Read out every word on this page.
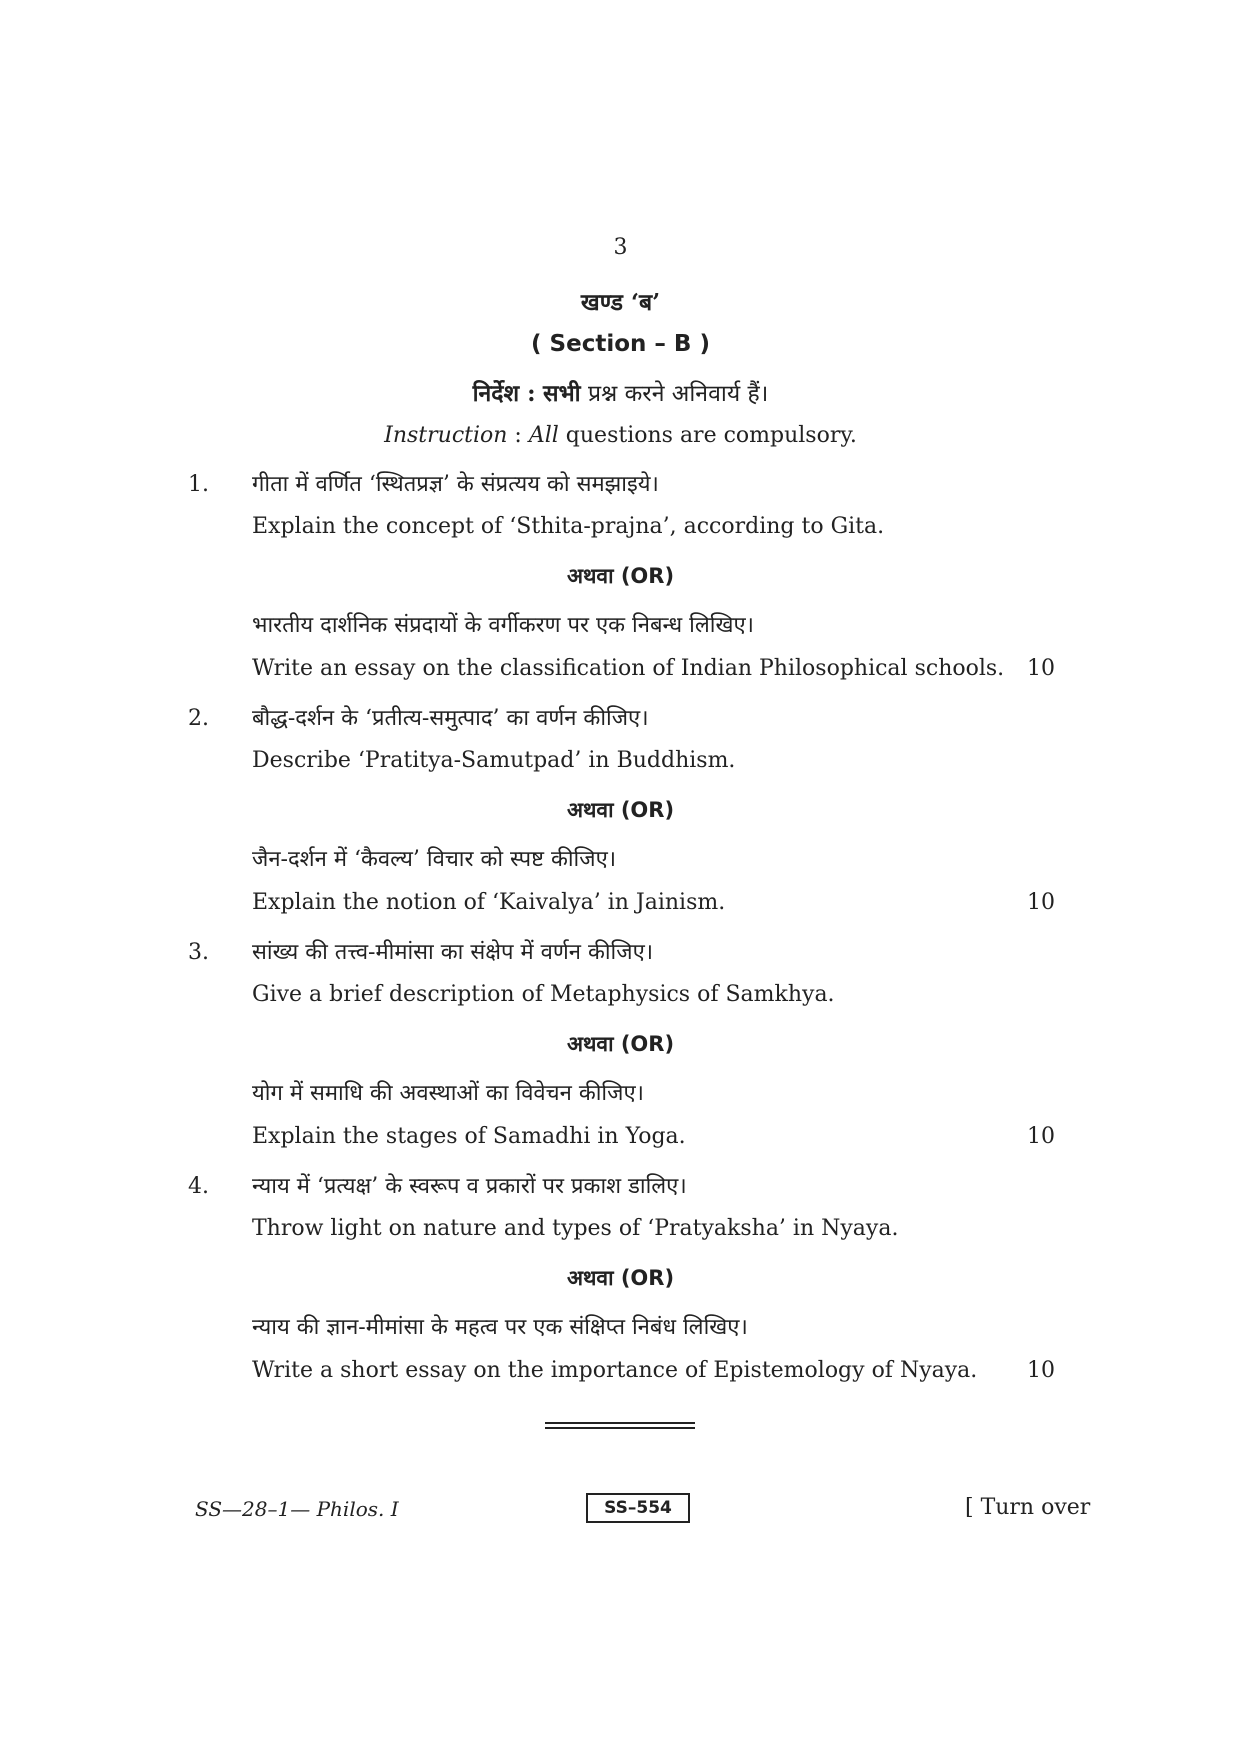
3
खण्ड ‘ब’
( Section – B )
निर्देश : सभी प्रश्न करने अनिवार्य हैं।
Instruction : All questions are compulsory.
1. गीता में वर्णित ‘स्थितप्रज्ञ’ के संप्रत्यय को समझाइये।
Explain the concept of ‘Sthita-prajna’, according to Gita.
अथवा (OR)
भारतीय दार्शनिक संप्रदायों के वर्गीकरण पर एक निबन्ध लिखिए।
Write an essay on the classification of Indian Philosophical schools. 10
2. बौद्ध-दर्शन के ‘प्रतीत्य-समुत्पाद’ का वर्णन कीजिए।
Describe ‘Pratitya-Samutpad’ in Buddhism.
अथवा (OR)
जैन-दर्शन में ‘कैवल्य’ विचार को स्पष्ट कीजिए।
Explain the notion of ‘Kaivalya’ in Jainism.	10
3. सांख्य की तत्त्व-मीमांसा का संक्षेप में वर्णन कीजिए।
Give a brief description of Metaphysics of Samkhya.
अथवा (OR)
योग में समाधि की अवस्थाओं का विवेचन कीजिए।
Explain the stages of Samadhi in Yoga.	10
4. न्याय में ‘प्रत्यक्ष’ के स्वरूप व प्रकारों पर प्रकाश डालिए।
Throw light on nature and types of ‘Pratyaksha’ in Nyaya.
अथवा (OR)
न्याय की ज्ञान-मीमांसा के महत्व पर एक संक्षिप्त निबंध लिखिए।
Write a short essay on the importance of Epistemology of Nyaya. 10
SS—28–1— Philos. I	SS–554	[ Turn over
